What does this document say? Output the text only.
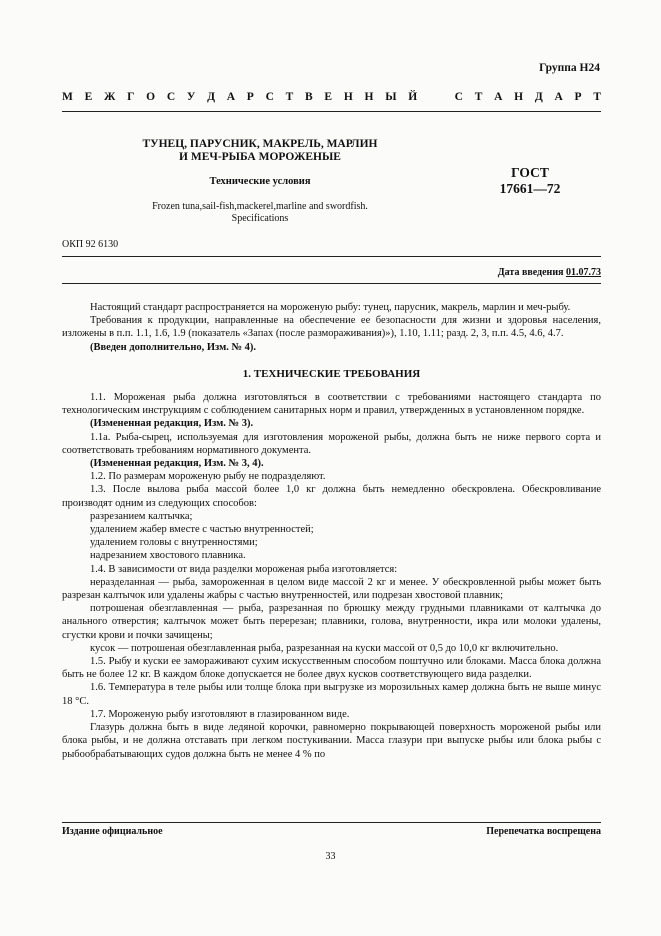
Группа Н24
М Е Ж Г О С У Д А Р С Т В Е Н Н Ы Й	С Т А Н Д А Р Т
ТУНЕЦ, ПАРУСНИК, МАКРЕЛЬ, МАРЛИН
И МЕЧ-РЫБА МОРОЖЕНЫЕ
Технические условия
Frozen tuna,sail-fish,mackerel,marline and swordfish.
Specifications
ГОСТ
17661—72
ОКП 92 6130
Дата введения 01.07.73

Настоящий стандарт распространяется на мороженую рыбу: тунец, парусник, макрель, марлин и меч-рыбу.

Требования к продукции, направленные на обеспечение ее безопасности для жизни и здоровья населения, изложены в п.п. 1.1, 1.6, 1.9 (показатель «Запах (после размораживания)»), 1.10, 1.11; разд. 2, 3, п.п. 4.5, 4.6, 4.7.

(Введен дополнительно, Изм. № 4).

1. ТЕХНИЧЕСКИЕ ТРЕБОВАНИЯ

1.1. Мороженая рыба должна изготовляться в соответствии с требованиями настоящего стандарта по технологическим инструкциям с соблюдением санитарных норм и правил, утвержденных в установленном порядке.

(Измененная редакция, Изм. № 3).

1.1а. Рыба-сырец, используемая для изготовления мороженой рыбы, должна быть не ниже первого сорта и соответствовать требованиям нормативного документа.

(Измененная редакция, Изм. № 3, 4).

1.2. По размерам мороженую рыбу не подразделяют.

1.3. После вылова рыба массой более 1,0 кг должна быть немедленно обескровлена. Обескровливание производят одним из следующих способов:

разрезанием калтычка;

удалением жабер вместе с частью внутренностей;

удалением головы с внутренностями;

надрезанием хвостового плавника.

1.4. В зависимости от вида разделки мороженая рыба изготовляется:

неразделанная — рыба, замороженная в целом виде массой 2 кг и менее. У обескровленной рыбы может быть разрезан калтычок или удалены жабры с частью внутренностей, или подрезан хвостовой плавник;

потрошеная обезглавленная — рыба, разрезанная по брюшку между грудными плавниками от калтычка до анального отверстия; калтычок может быть перерезан; плавники, голова, внутренности, икра или молоки удалены, сгустки крови и почки зачищены;

кусок — потрошеная обезглавленная рыба, разрезанная на куски массой от 0,5 до 10,0 кг включительно.

1.5. Рыбу и куски ее замораживают сухим искусственным способом поштучно или блоками. Масса блока должна быть не более 12 кг. В каждом блоке допускается не более двух кусков соответствующего вида разделки.

1.6. Температура в теле рыбы или толще блока при выгрузке из морозильных камер должна быть не выше минус 18 °С.

1.7. Мороженую рыбу изготовляют в глазированном виде.

Глазурь должна быть в виде ледяной корочки, равномерно покрывающей поверхность мороженой рыбы или блока рыбы, и не должна отставать при легком постукивании. Масса глазури при выпуске рыбы или блока рыбы с рыбообрабатывающих судов должна быть не менее 4 % по

Издание официальное	Перепечатка воспрещена
33
